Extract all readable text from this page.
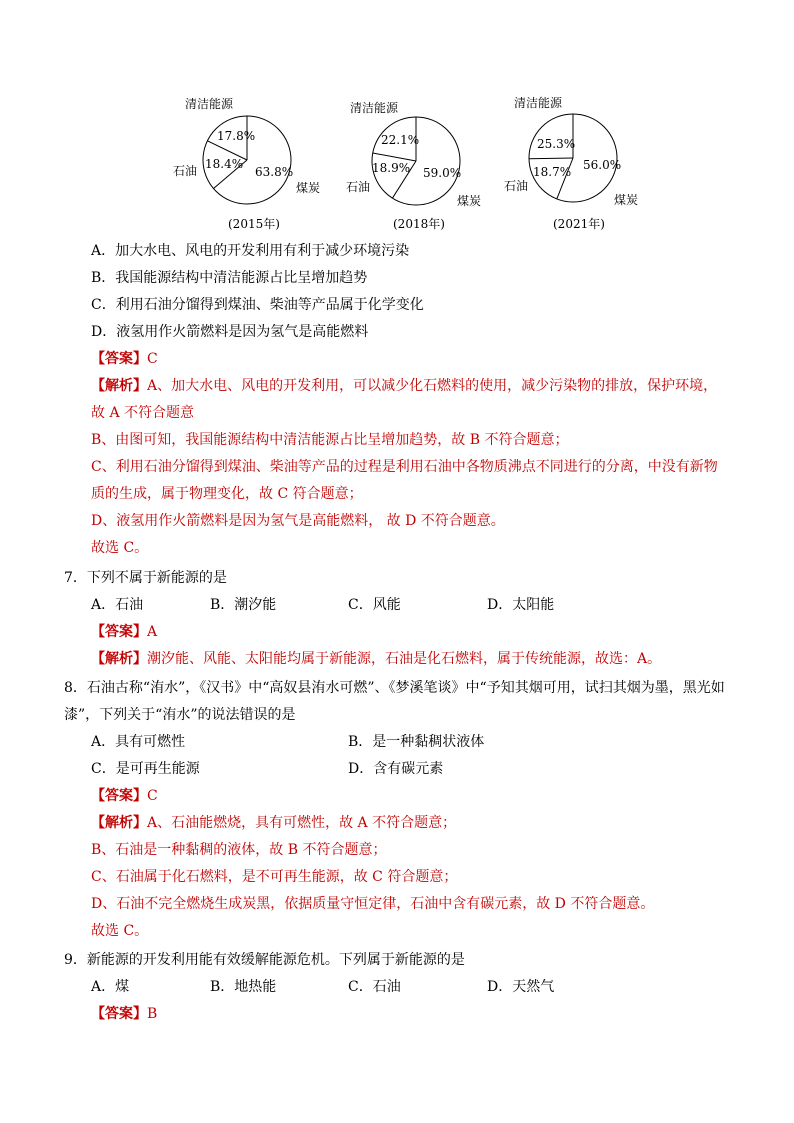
清洁能源
17.8%
18.4%
63.8%
石油
煤炭
(2015年)
清洁能源
22.1%
18.9% 59.0%
石油
煤炭
(2018年)
清洁能源
25.3%
18.7% 56.0%
石油
煤炭
(2021年)
A．加大水电、风电的开发利用有利于减少环境污染
B．我国能源结构中清洁能源占比呈增加趋势
C．利用石油分馏得到煤油、柴油等产品属于化学变化
D．液氢用作火箭燃料是因为氢气是高能燃料
【答案】C
【解析】A、加大水电、风电的开发利用，可以减少化石燃料的使用，减少污染物的排放，保护环境，
故 A 不符合题意
B、由图可知，我国能源结构中清洁能源占比呈增加趋势，故 B 不符合题意；
C、利用石油分馏得到煤油、柴油等产品的过程是利用石油中各物质沸点不同进行的分离，中没有新物
质的生成，属于物理变化，故 C 符合题意；
D、液氢用作火箭燃料是因为氢气是高能燃料， 故 D 不符合题意。
故选 C。
7．下列不属于新能源的是
A．石油	B．潮汐能	C．风能	D．太阳能
【答案】A
【解析】潮汐能、风能、太阳能均属于新能源，石油是化石燃料，属于传统能源，故选：A。
8．石油古称“洧水”，《汉书》中“高奴县洧水可燃”、《梦溪笔谈》中“予知其烟可用，试扫其烟为墨，黑光如
漆”，下列关于“洧水”的说法错误的是
A．具有可燃性	B．是一种黏稠状液体
C．是可再生能源	D．含有碳元素
【答案】C
【解析】A、石油能燃烧，具有可燃性，故 A 不符合题意；
B、石油是一种黏稠的液体，故 B 不符合题意；
C、石油属于化石燃料，是不可再生能源，故 C 符合题意；
D、石油不完全燃烧生成炭黑，依据质量守恒定律，石油中含有碳元素，故 D 不符合题意。
故选 C。
9．新能源的开发利用能有效缓解能源危机。下列属于新能源的是
A．煤	B．地热能	C．石油	D．天然气
【答案】B
